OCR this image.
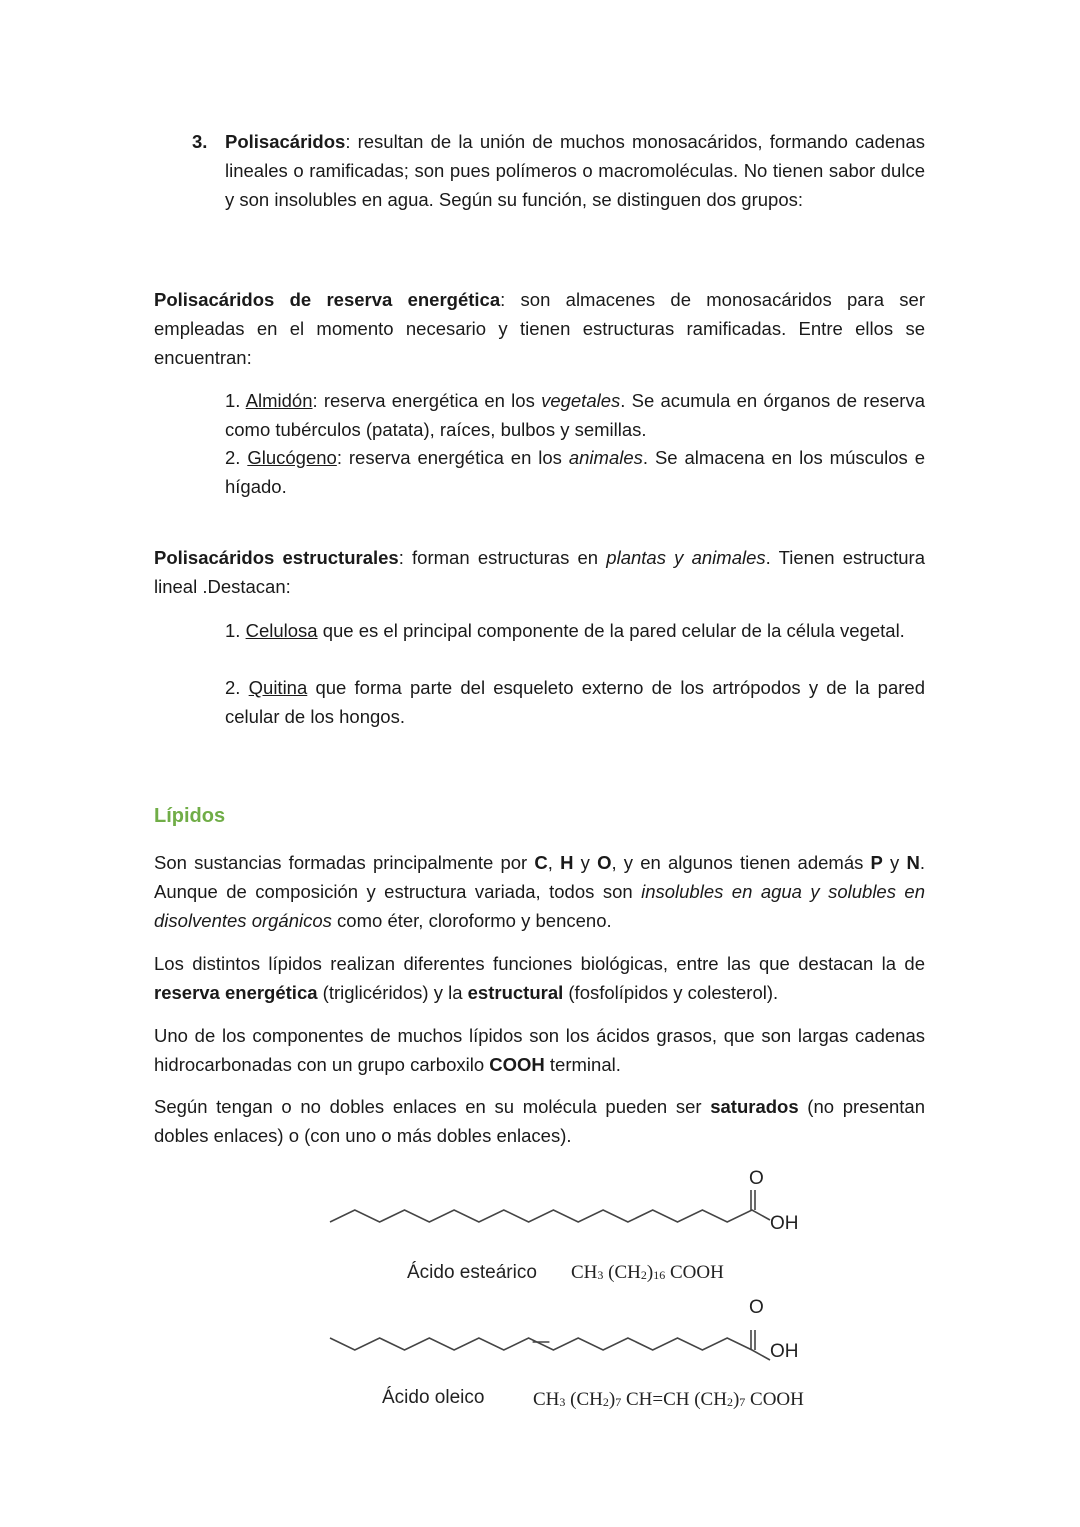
3. Polisacáridos: resultan de la unión de muchos monosacáridos, formando cadenas lineales o ramificadas; son pues polímeros o macromoléculas. No tienen sabor dulce y son insolubles en agua. Según su función, se distinguen dos grupos:
Polisacáridos de reserva energética: son almacenes de monosacáridos para ser empleadas en el momento necesario y tienen estructuras ramificadas. Entre ellos se encuentran:
1. Almidón: reserva energética en los vegetales. Se acumula en órganos de reserva como tubérculos (patata), raíces, bulbos y semillas.
2. Glucógeno: reserva energética en los animales. Se almacena en los músculos e hígado.
Polisacáridos estructurales: forman estructuras en plantas y animales. Tienen estructura lineal .Destacan:
1. Celulosa que es el principal componente de la pared celular de la célula vegetal.
2. Quitina que forma parte del esqueleto externo de los artrópodos y de la pared celular de los hongos.
Lípidos
Son sustancias formadas principalmente por C, H y O, y en algunos tienen además P y N. Aunque de composición y estructura variada, todos son insolubles en agua y solubles en disolventes orgánicos como éter, cloroformo y benceno.
Los distintos lípidos realizan diferentes funciones biológicas, entre las que destacan la de reserva energética (triglicéridos) y la estructural (fosfolípidos y colesterol).
Uno de los componentes de muchos lípidos son los ácidos grasos, que son largas cadenas hidrocarbonadas con un grupo carboxilo COOH terminal.
Según tengan o no dobles enlaces en su molécula pueden ser saturados (no presentan dobles enlaces) o (con uno o más dobles enlaces).
O
OH
O
OH
Ácido esteárico $CH_3$ $(CH_2)_{16}$ COOH
Ácido oleico	$CH_3$ $(CH_2)_7$ CH=CH $(CH_2)_7$ COOH
